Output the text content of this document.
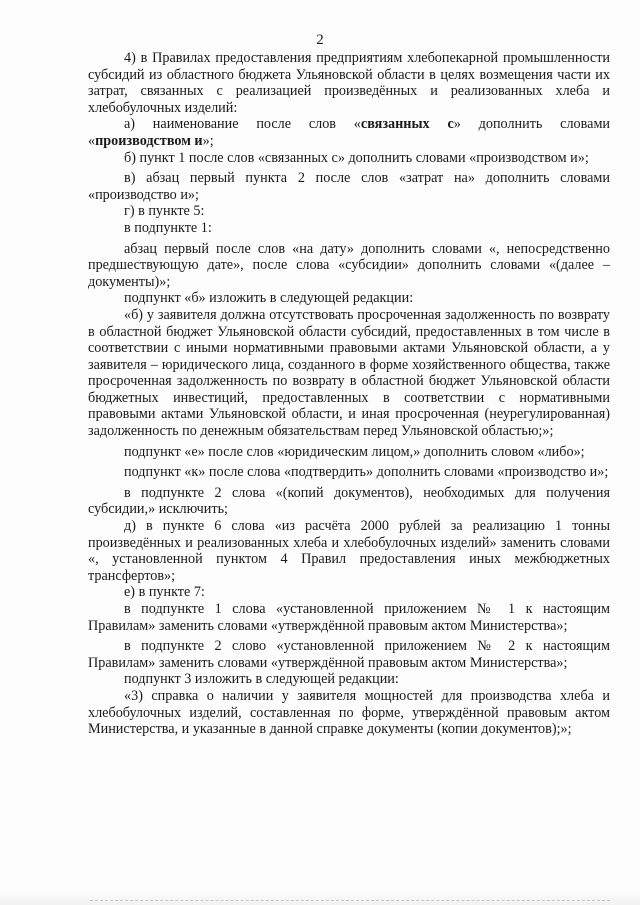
2

4) в Правилах предоставления предприятиям хлебопекарной промышленности субсидий из областного бюджета Ульяновской области в целях возмещения части их затрат, связанных с реализацией произведённых и реализованных хлеба и хлебобулочных изделий:

а) наименование после слов «связанных с» дополнить словами «производством и»;

б) пункт 1 после слов «связанных с» дополнить словами «производством и»;

в) абзац первый пункта 2 после слов «затрат на» дополнить словами «производство и»;

г) в пункте 5:

в подпункте 1:

абзац первый после слов «на дату» дополнить словами «, непосредственно предшествующую дате», после слова «субсидии» дополнить словами «(далее – документы)»;

подпункт «б» изложить в следующей редакции:

«б) у заявителя должна отсутствовать просроченная задолженность по возврату в областной бюджет Ульяновской области субсидий, предоставленных в том числе в соответствии с иными нормативными правовыми актами Ульяновской области, а у заявителя – юридического лица, созданного в форме хозяйственного общества, также просроченная задолженность по возврату в областной бюджет Ульяновской области бюджетных инвестиций, предоставленных в соответствии с нормативными правовыми актами Ульяновской области, и иная просроченная (неурегулированная) задолженность по денежным обязательствам перед Ульяновской областью;»;

подпункт «е» после слов «юридическим лицом,» дополнить словом «либо»;

подпункт «к» после слова «подтвердить» дополнить словами «производство и»;

в подпункте 2 слова «(копий документов), необходимых для получения субсидии,» исключить;

д) в пункте 6 слова «из расчёта 2000 рублей за реализацию 1 тонны произведённых и реализованных хлеба и хлебобулочных изделий» заменить словами «, установленной пунктом 4 Правил предоставления иных межбюджетных трансфертов»;

е) в пункте 7:

в подпункте 1 слова «установленной приложением № 1 к настоящим Правилам» заменить словами «утверждённой правовым актом Министерства»;

в подпункте 2 слово «установленной приложением № 2 к настоящим Правилам» заменить словами «утверждённой правовым актом Министерства»;

подпункт 3 изложить в следующей редакции:

«3) справка о наличии у заявителя мощностей для производства хлеба и хлебобулочных изделий, составленная по форме, утверждённой правовым актом Министерства, и указанные в данной справке документы (копии документов);»;
